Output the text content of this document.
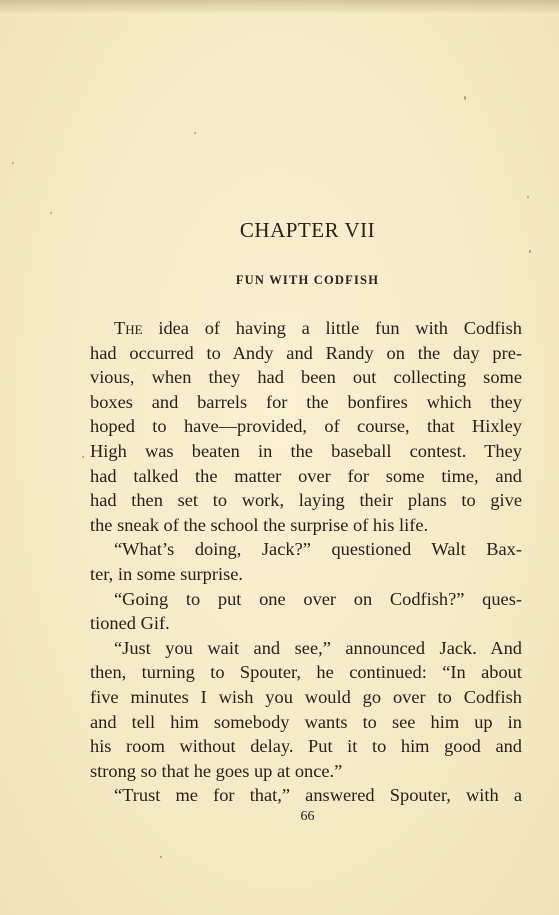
CHAPTER VII
FUN WITH CODFISH
The idea of having a little fun with Codfish
had occurred to Andy and Randy on the day pre-
vious, when they had been out collecting some
boxes and barrels for the bonfires which they
hoped to have—provided, of course, that Hixley
High was beaten in the baseball contest. They
had talked the matter over for some time, and
had then set to work, laying their plans to give
the sneak of the school the surprise of his life.
“What’s doing, Jack?” questioned Walt Bax-
ter, in some surprise.
“Going to put one over on Codfish?” ques-
tioned Gif.
“Just you wait and see,” announced Jack. And
then, turning to Spouter, he continued: “In about
five minutes I wish you would go over to Codfish
and tell him somebody wants to see him up in
his room without delay. Put it to him good and
strong so that he goes up at once.”
“Trust me for that,” answered Spouter, with a
66
